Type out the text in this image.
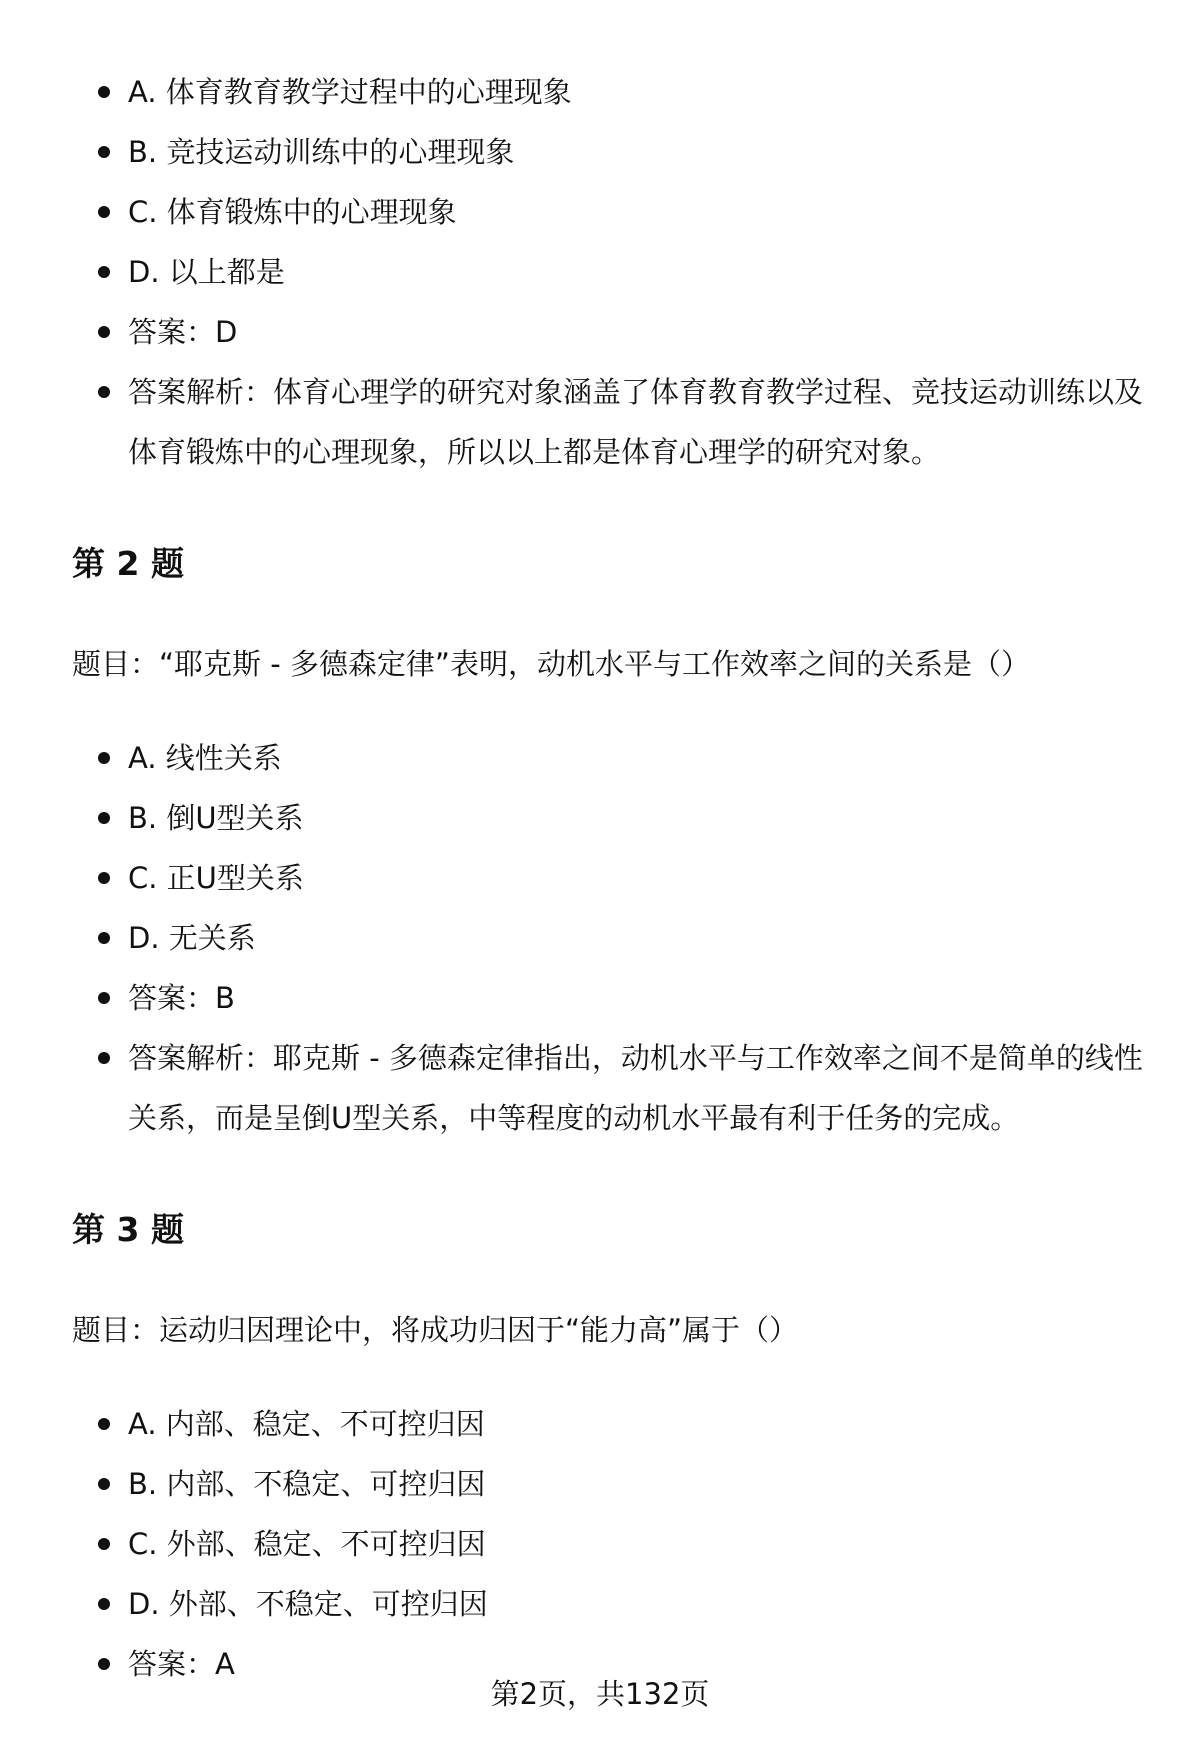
A. 体育教育教学过程中的心理现象
B. 竞技运动训练中的心理现象
C. 体育锻炼中的心理现象
D. 以上都是
答案：D
答案解析：体育心理学的研究对象涵盖了体育教育教学过程、竞技运动训练以及体育锻炼中的心理现象，所以以上都是体育心理学的研究对象。
第 2 题

题目：“耶克斯 - 多德森定律”表明，动机水平与工作效率之间的关系是（）

A. 线性关系
B. 倒U型关系
C. 正U型关系
D. 无关系
答案：B
答案解析：耶克斯 - 多德森定律指出，动机水平与工作效率之间不是简单的线性关系，而是呈倒U型关系，中等程度的动机水平最有利于任务的完成。
第 3 题

题目：运动归因理论中，将成功归因于“能力高”属于（）

A. 内部、稳定、不可控归因
B. 内部、不稳定、可控归因
C. 外部、稳定、不可控归因
D. 外部、不稳定、可控归因
答案：A
第2页，共132页
